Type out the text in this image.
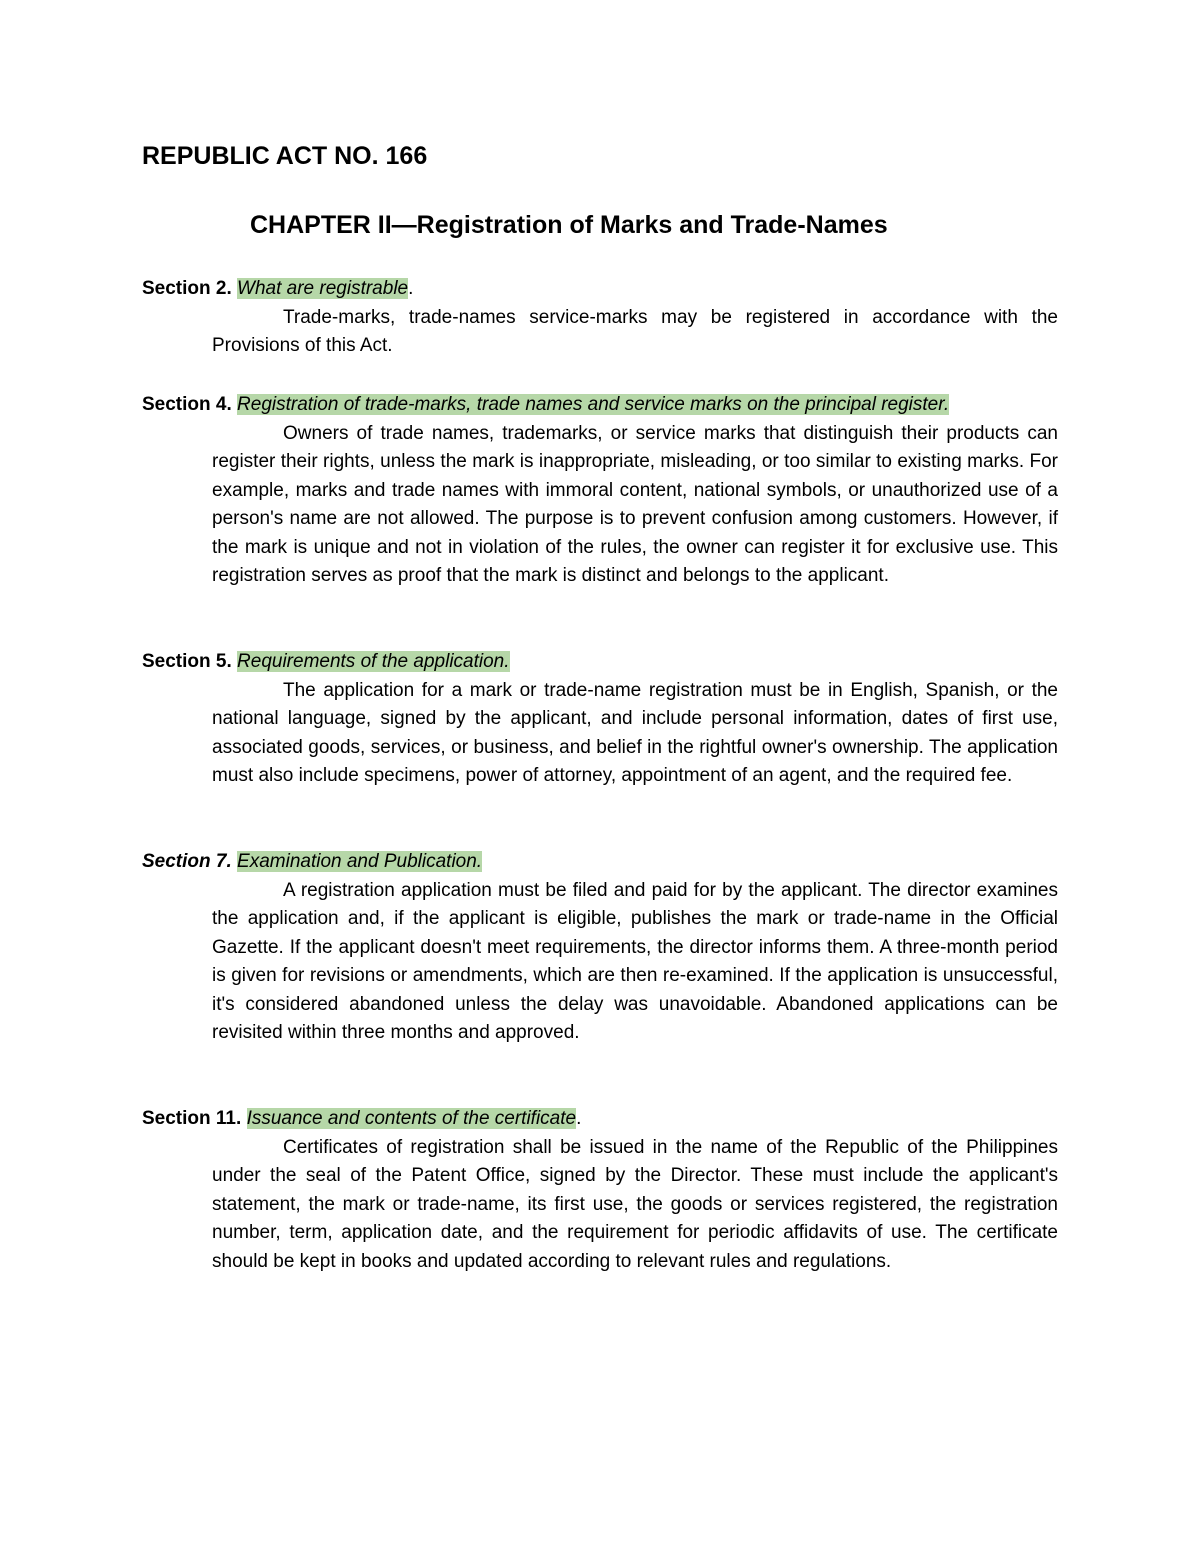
REPUBLIC ACT NO. 166
CHAPTER II—Registration of Marks and Trade-Names

Section 2. What are registrable.

Trade-marks, trade-names service-marks may be registered in accordance with the Provisions of this Act.

Section 4. Registration of trade-marks, trade names and service marks on the principal register.

Owners of trade names, trademarks, or service marks that distinguish their products can register their rights, unless the mark is inappropriate, misleading, or too similar to existing marks. For example, marks and trade names with immoral content, national symbols, or unauthorized use of a person's name are not allowed. The purpose is to prevent confusion among customers. However, if the mark is unique and not in violation of the rules, the owner can register it for exclusive use. This registration serves as proof that the mark is distinct and belongs to the applicant.

Section 5. Requirements of the application.

The application for a mark or trade-name registration must be in English, Spanish, or the national language, signed by the applicant, and include personal information, dates of first use, associated goods, services, or business, and belief in the rightful owner's ownership. The application must also include specimens, power of attorney, appointment of an agent, and the required fee.

Section 7. Examination and Publication.

A registration application must be filed and paid for by the applicant. The director examines the application and, if the applicant is eligible, publishes the mark or trade-name in the Official Gazette. If the applicant doesn't meet requirements, the director informs them. A three-month period is given for revisions or amendments, which are then re-examined. If the application is unsuccessful, it's considered abandoned unless the delay was unavoidable. Abandoned applications can be revisited within three months and approved.

Section 11. Issuance and contents of the certificate.

Certificates of registration shall be issued in the name of the Republic of the Philippines under the seal of the Patent Office, signed by the Director. These must include the applicant's statement, the mark or trade-name, its first use, the goods or services registered, the registration number, term, application date, and the requirement for periodic affidavits of use. The certificate should be kept in books and updated according to relevant rules and regulations.
